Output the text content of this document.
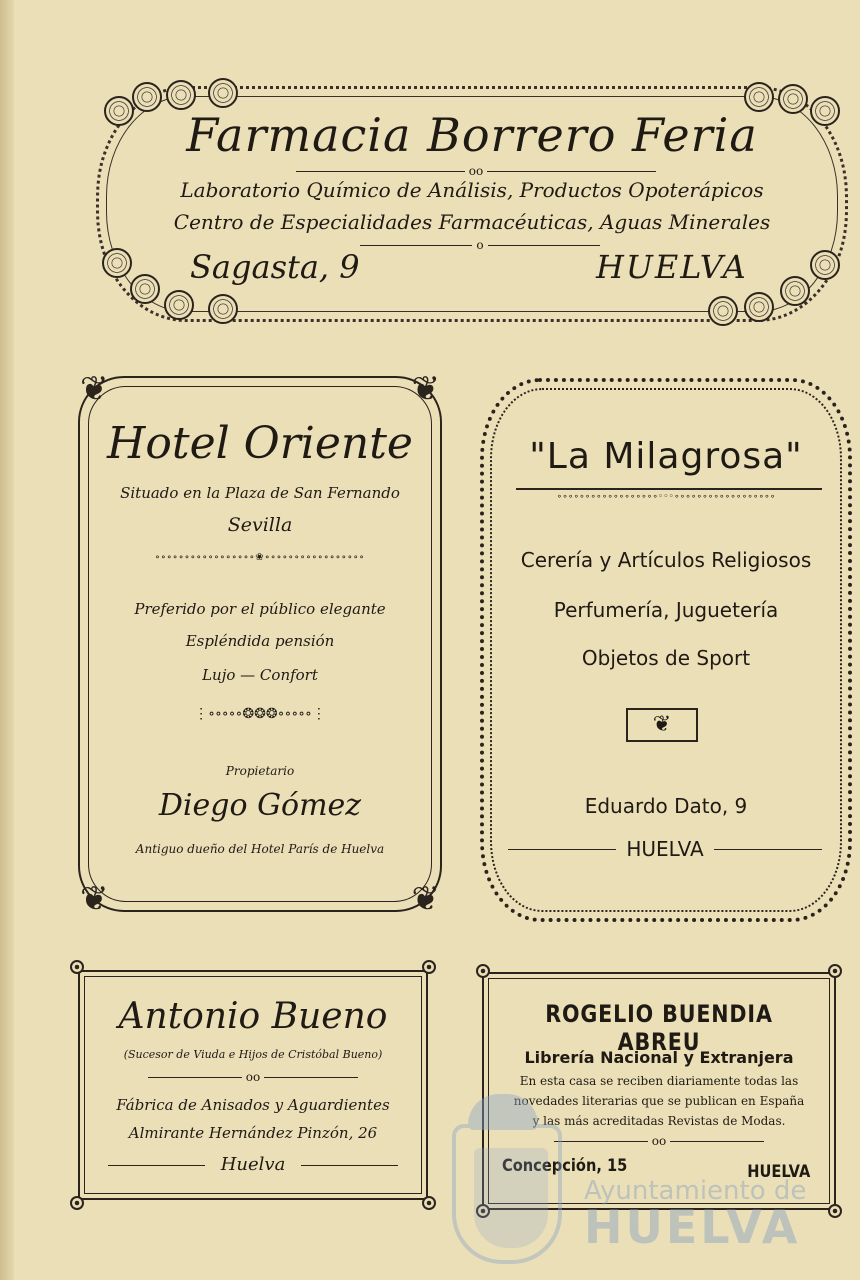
Farmacia Borrero Feria
oo
Laboratorio Químico de Análisis, Productos Opoterápicos
Centro de Especialidades Farmacéuticas, Aguas Minerales
o
Sagasta, 9	HUELVA
❦	❦
❦	❦
Hotel Oriente
Situado en la Plaza de San Fernando
Sevilla
∘∘∘∘∘∘∘∘∘∘∘∘∘∘∘∘∘❀∘∘∘∘∘∘∘∘∘∘∘∘∘∘∘∘∘
Preferido por el público elegante
Espléndida pensión
Lujo — Confort
⋮∘∘∘∘∘❂❂❂∘∘∘∘∘⋮
Propietario
Diego Gómez
Antiguo dueño del Hotel París de Huelva
"La Milagrosa"
∘∘∘∘∘∘∘∘∘∘∘∘∘∘∘∘∘∘◦◦◦∘∘∘∘∘∘∘∘∘∘∘∘∘∘∘∘∘∘
Cerería y Artículos Religiosos
Perfumería, Juguetería
Objetos de Sport
❦
Eduardo Dato, 9
HUELVA
Antonio Bueno
(Sucesor de Viuda e Hijos de Cristóbal Bueno)
oo
Fábrica de Anisados y Aguardientes
Almirante Hernández Pinzón, 26
Huelva
ROGELIO BUENDIA ABREU
Librería Nacional y Extranjera
En esta casa se reciben diariamente todas las
novedades literarias que se publican en España
y las más acreditadas Revistas de Modas.
oo
Concepción, 15	HUELVA
Ayuntamiento de
HUELVA
